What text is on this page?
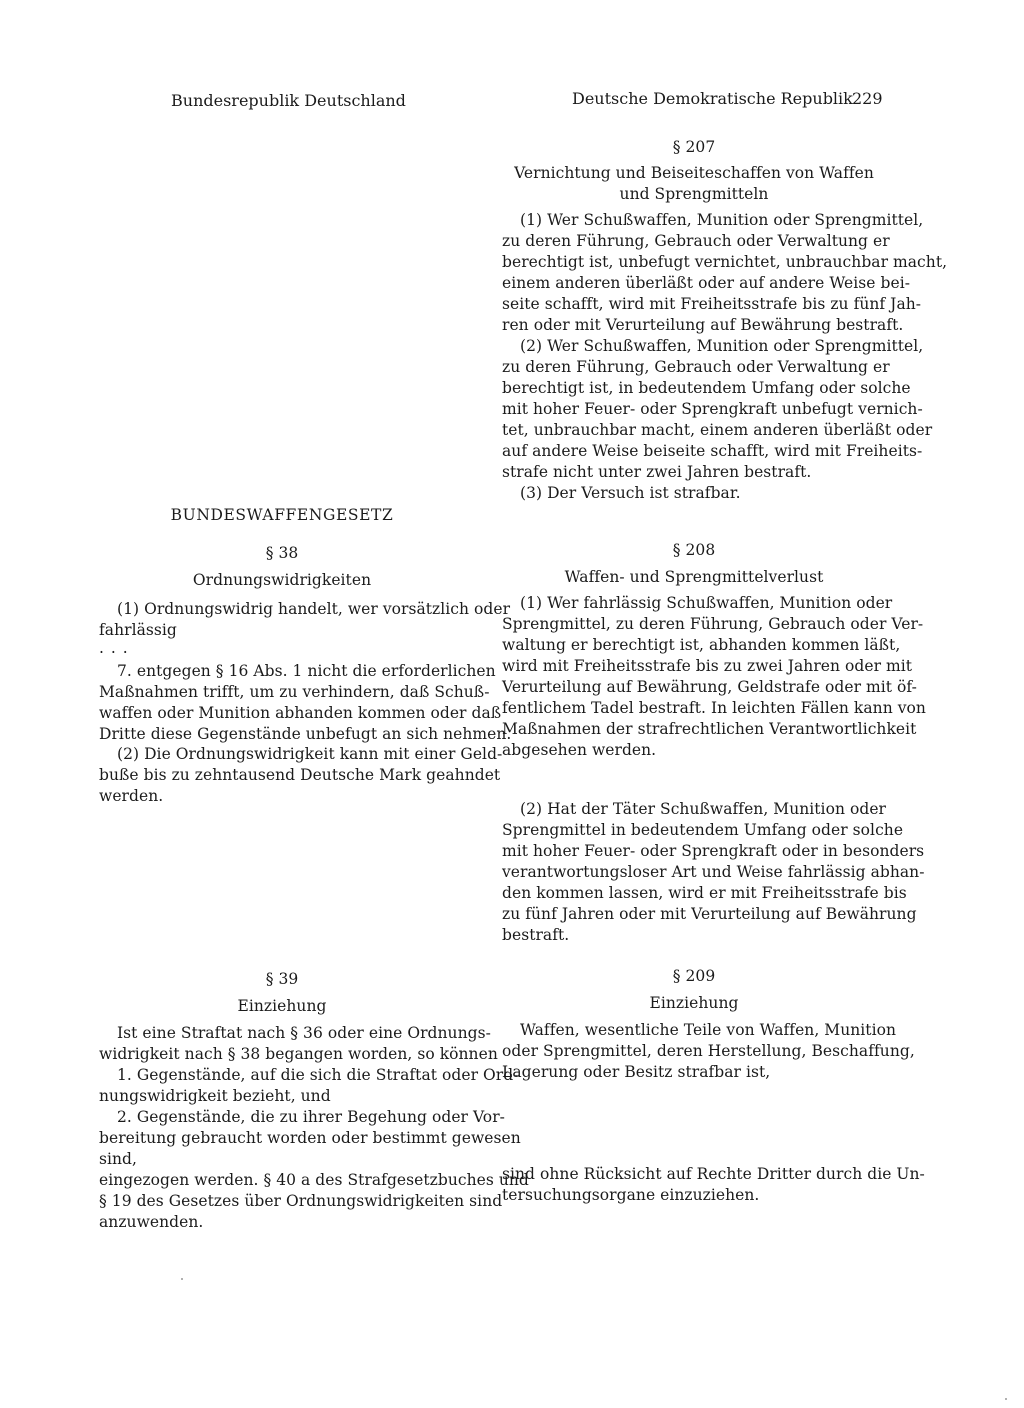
Bundesrepublik Deutschland	Deutsche Demokratische Republik 229
BUNDESWAFFENGESETZ
§ 38
Ordnungswidrigkeiten
(1) Ordnungswidrig handelt, wer vorsätzlich oder
fahrlässig
. . .
7. entgegen § 16 Abs. 1 nicht die erforderlichen
Maßnahmen trifft, um zu verhindern, daß Schuß-
waffen oder Munition abhanden kommen oder daß
Dritte diese Gegenstände unbefugt an sich nehmen.
(2) Die Ordnungswidrigkeit kann mit einer Geld-
buße bis zu zehntausend Deutsche Mark geahndet
werden.
§ 39
Einziehung
Ist eine Straftat nach § 36 oder eine Ordnungs-
widrigkeit nach § 38 begangen worden, so können
1. Gegenstände, auf die sich die Straftat oder Ord-
nungswidrigkeit bezieht, und
2. Gegenstände, die zu ihrer Begehung oder Vor-
bereitung gebraucht worden oder bestimmt gewesen
sind,
eingezogen werden. § 40 a des Strafgesetzbuches und
§ 19 des Gesetzes über Ordnungswidrigkeiten sind
anzuwenden.
§ 207
Vernichtung und Beiseiteschaffen von Waffen
und Sprengmitteln
(1) Wer Schußwaffen, Munition oder Sprengmittel,
zu deren Führung, Gebrauch oder Verwaltung er
berechtigt ist, unbefugt vernichtet, unbrauchbar macht,
einem anderen überläßt oder auf andere Weise bei-
seite schafft, wird mit Freiheitsstrafe bis zu fünf Jah-
ren oder mit Verurteilung auf Bewährung bestraft.
(2) Wer Schußwaffen, Munition oder Sprengmittel,
zu deren Führung, Gebrauch oder Verwaltung er
berechtigt ist, in bedeutendem Umfang oder solche
mit hoher Feuer- oder Sprengkraft unbefugt vernich-
tet, unbrauchbar macht, einem anderen überläßt oder
auf andere Weise beiseite schafft, wird mit Freiheits-
strafe nicht unter zwei Jahren bestraft.
(3) Der Versuch ist strafbar.
§ 208
Waffen- und Sprengmittelverlust
(1) Wer fahrlässig Schußwaffen, Munition oder
Sprengmittel, zu deren Führung, Gebrauch oder Ver-
waltung er berechtigt ist, abhanden kommen läßt,
wird mit Freiheitsstrafe bis zu zwei Jahren oder mit
Verurteilung auf Bewährung, Geldstrafe oder mit öf-
fentlichem Tadel bestraft. In leichten Fällen kann von
Maßnahmen der strafrechtlichen Verantwortlichkeit
abgesehen werden.
(2) Hat der Täter Schußwaffen, Munition oder
Sprengmittel in bedeutendem Umfang oder solche
mit hoher Feuer- oder Sprengkraft oder in besonders
verantwortungsloser Art und Weise fahrlässig abhan-
den kommen lassen, wird er mit Freiheitsstrafe bis
zu fünf Jahren oder mit Verurteilung auf Bewährung
bestraft.
§ 209
Einziehung
Waffen, wesentliche Teile von Waffen, Munition
oder Sprengmittel, deren Herstellung, Beschaffung,
Lagerung oder Besitz strafbar ist,
sind ohne Rücksicht auf Rechte Dritter durch die Un-
tersuchungsorgane einzuziehen.
